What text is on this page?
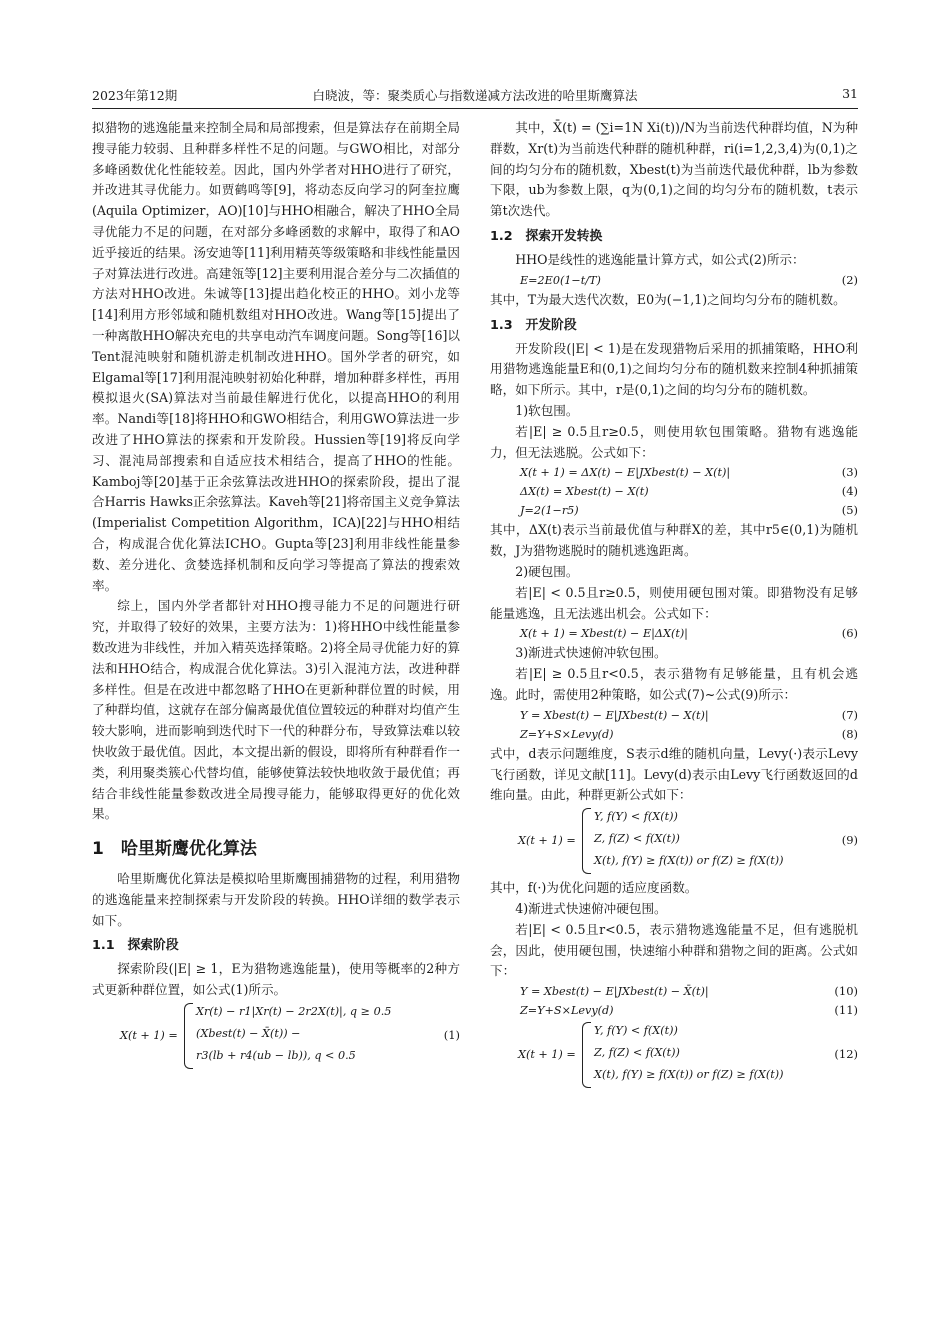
2023年第12期	白晓波，等：聚类质心与指数递减方法改进的哈里斯鹰算法	31

拟猎物的逃逸能量来控制全局和局部搜索，但是算法存在前期全局搜寻能力较弱、且种群多样性不足的问题。与GWO相比，对部分多峰函数优化性能较差。因此，国内外学者对HHO进行了研究，并改进其寻优能力。如贾鹤鸣等[9]，将动态反向学习的阿奎拉鹰(Aquila Optimizer，AO)[10]与HHO相融合，解决了HHO全局寻优能力不足的问题，在对部分多峰函数的求解中，取得了和AO近乎接近的结果。汤安迪等[11]利用精英等级策略和非线性能量因子对算法进行改进。高建瓴等[12]主要利用混合差分与二次插值的方法对HHO改进。朱诚等[13]提出趋化校正的HHO。刘小龙等[14]利用方形邻域和随机数组对HHO改进。Wang等[15]提出了一种离散HHO解决充电的共享电动汽车调度问题。Song等[16]以Tent混沌映射和随机游走机制改进HHO。国外学者的研究，如Elgamal等[17]利用混沌映射初始化种群，增加种群多样性，再用模拟退火(SA)算法对当前最佳解进行优化，以提高HHO的利用率。Nandi等[18]将HHO和GWO相结合，利用GWO算法进一步改进了HHO算法的探索和开发阶段。Hussien等[19]将反向学习、混沌局部搜索和自适应技术相结合，提高了HHO的性能。Kamboj等[20]基于正余弦算法改进HHO的探索阶段，提出了混合Harris Hawks正余弦算法。Kaveh等[21]将帝国主义竞争算法(Imperialist Competition Algorithm，ICA)[22]与HHO相结合，构成混合优化算法ICHO。Gupta等[23]利用非线性能量参数、差分进化、贪婪选择机制和反向学习等提高了算法的搜索效率。

综上，国内外学者都针对HHO搜寻能力不足的问题进行研究，并取得了较好的效果，主要方法为：1)将HHO中线性能量参数改进为非线性，并加入精英选择策略。2)将全局寻优能力好的算法和HHO结合，构成混合优化算法。3)引入混沌方法，改进种群多样性。但是在改进中都忽略了HHO在更新种群位置的时候，用了种群均值，这就存在部分偏离最优值位置较远的种群对均值产生较大影响，进而影响到迭代时下一代的种群分布，导致算法难以较快收敛于最优值。因此，本文提出新的假设，即将所有种群看作一类，利用聚类簇心代替均值，能够使算法较快地收敛于最优值；再结合非线性能量参数改进全局搜寻能力，能够取得更好的优化效果。

1　哈里斯鹰优化算法

哈里斯鹰优化算法是模拟哈里斯鹰围捕猎物的过程，利用猎物的逃逸能量来控制探索与开发阶段的转换。HHO详细的数学表示如下。

1.1　探索阶段

探索阶段(|E| ≥ 1，E为猎物逃逸能量)，使用等概率的2种方式更新种群位置，如公式(1)所示。

X(t + 1) =
Xr(t) − r1|Xr(t) − 2r2X(t)|, q ≥ 0.5
(Xbest(t) − X̄(t)) −
r3(lb + r4(ub − lb)), q < 0.5
(1)

其中，X̄(t) = (∑i=1N Xi(t))/N为当前迭代种群均值，N为种群数，Xr(t)为当前迭代种群的随机种群，ri(i=1,2,3,4)为(0,1)之间的均匀分布的随机数，Xbest(t)为当前迭代最优种群，lb为参数下限，ub为参数上限，q为(0,1)之间的均匀分布的随机数，t表示第t次迭代。

1.2　探索开发转换

HHO是线性的逃逸能量计算方式，如公式(2)所示：

E=2E0(1−t/T)	(2)

其中，T为最大迭代次数，E0为(−1,1)之间均匀分布的随机数。

1.3　开发阶段

开发阶段(|E| < 1)是在发现猎物后采用的抓捕策略，HHO利用猎物逃逸能量E和(0,1)之间均匀分布的随机数来控制4种抓捕策略，如下所示。其中，r是(0,1)之间的均匀分布的随机数。

1)软包围。

若|E| ≥ 0.5且r≥0.5，则使用软包围策略。猎物有逃逸能力，但无法逃脱。公式如下：

X(t + 1) = ΔX(t) − E|JXbest(t) − X(t)|	(3)
ΔX(t) = Xbest(t) − X(t)	(4)
J=2(1−r5)	(5)

其中，ΔX(t)表示当前最优值与种群X的差，其中r5∈(0,1)为随机数，J为猎物逃脱时的随机逃逸距离。

2)硬包围。

若|E| < 0.5且r≥0.5，则使用硬包围对策。即猎物没有足够能量逃逸，且无法逃出机会。公式如下：

X(t + 1) = Xbest(t) − E|ΔX(t)|	(6)

3)渐进式快速俯冲软包围。

若|E| ≥ 0.5且r<0.5，表示猎物有足够能量，且有机会逃逸。此时，需使用2种策略，如公式(7)~公式(9)所示：

Y = Xbest(t) − E|JXbest(t) − X(t)|	(7)
Z=Y+S×Levy(d)	(8)

式中，d表示问题维度，S表示d维的随机向量，Levy(·)表示Levy飞行函数，详见文献[11]。Levy(d)表示由Levy飞行函数返回的d维向量。由此，种群更新公式如下：

X(t + 1) =
Y, f(Y) < f(X(t))
Z, f(Z) < f(X(t))
X(t), f(Y) ≥ f(X(t)) or f(Z) ≥ f(X(t))
(9)

其中，f(·)为优化问题的适应度函数。

4)渐进式快速俯冲硬包围。

若|E| < 0.5且r<0.5，表示猎物逃逸能量不足，但有逃脱机会，因此，使用硬包围，快速缩小种群和猎物之间的距离。公式如下：

Y = Xbest(t) − E|JXbest(t) − X̄(t)|	(10)
Z=Y+S×Levy(d)	(11)
X(t + 1) =
Y, f(Y) < f(X(t))
Z, f(Z) < f(X(t))
X(t), f(Y) ≥ f(X(t)) or f(Z) ≥ f(X(t))
(12)
